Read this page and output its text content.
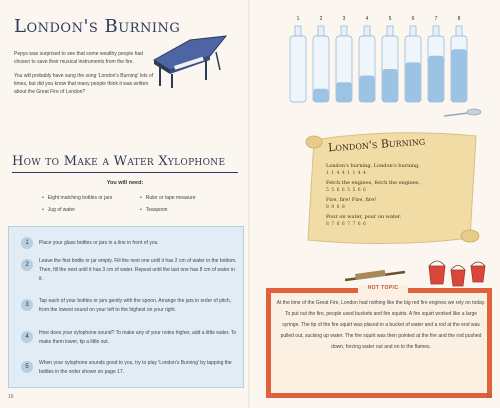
London's Burning

Pepys was surprised to see that some wealthy people had chosen to save their musical instruments from the fire.

You will probably have sung the song 'London's Burning' lots of times, but did you know that many people think it was written about the Great Fire of London?

How to Make a Water Xylophone
You will need:
• Eight matching bottles or jars
• Jug of water
• Ruler or tape measure
• Teaspoon
1	Place your glass bottles or jars in a line in front of you.
2
Leave the first bottle or jar empty. Fill the next one until it has 2 cm of water in the bottom. Then, fill the next until it has 3 cm of water. Repeat until the last one has 8 cm of water in it.
3
Tap each of your bottles or jars gently with the spoon. Arrange the jars in order of pitch, from the lowest sound on your left to the highest on your right.
4
How does your xylophone sound? To make any of your notes higher, add a little water. To make them lower, tip a little out.
5
When your xylophone sounds good to you, try to play 'London's Burning' by tapping the bottles in the order shown on page 17.
16
1	2	3	4	5	6	7	8
London's Burning
London's burning, London's burning,
1 1 4 4 1 1 4 4
Fetch the engines, fetch the engines,
5 5 6 6 5 5 6 6
Fire, fire! Fire, fire!
8 8 8 8
Pour on water, pour on water.
8 7 6 6 7 7 6 6
HOT TOPIC
At the time of the Great Fire, London had nothing like the big red fire engines we rely on today. To put out the fire, people used buckets and fire squirts. A fire squirt worked like a large syringe. The tip of the fire squirt was placed in a bucket of water and a rod at the end was pulled out, sucking up water. The fire squirt was then pointed at the fire and the rod pushed down, forcing water out and on to the flames.
17
